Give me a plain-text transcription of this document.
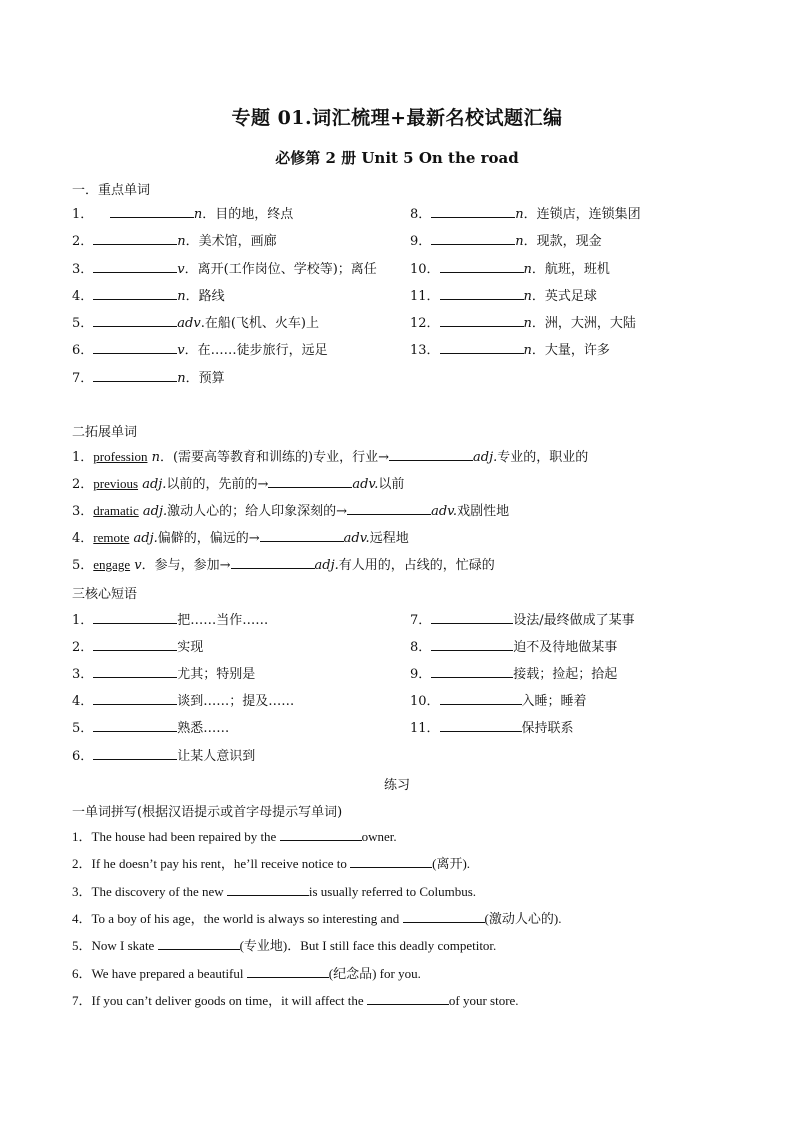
专题 01.词汇梳理+最新名校试题汇编
必修第 2 册 Unit 5 On the road
一．重点单词
1．	n．目的地，终点
2．	n．美术馆，画廊
3．	v．离开(工作岗位、学校等)；离任
4．	n．路线
5．	adv.在船(飞机、火车)上
6．	v．在……徒步旅行，远足
7．	n．预算
8．	n．连锁店，连锁集团
9．	n．现款，现金
10．	n．航班，班机
11．	n．英式足球
12．	n．洲，大洲，大陆
13．	n．大量，许多
二拓展单词
1．profession n．(需要高等教育和训练的)专业，行业→	adj.专业的，职业的
2．previous adj.以前的，先前的→	adv.以前
3．dramatic adj.激动人心的；给人印象深刻的→	adv.戏剧性地
4．remote adj.偏僻的，偏远的→	adv.远程地
5．engage v．参与，参加→	adj.有人用的，占线的，忙碌的
三核心短语
1．	把……当作……
2．	实现
3．	尤其；特别是
4．	谈到……；提及……
5．	熟悉……
6．	让某人意识到
7．	设法/最终做成了某事
8．	迫不及待地做某事
9．	接载；捡起；拾起
10．	入睡；睡着
11．	保持联系
练习
一单词拼写(根据汉语提示或首字母提示写单词)
1．The house had been repaired by the	owner.
2．If he doesn’t pay his rent，he’ll receive notice to	(离开).
3．The discovery of the new	is usually referred to Columbus.
4．To a boy of his age，the world is always so interesting and	(激动人心的).
5．Now I skate	(专业地)．But I still face this deadly competitor.
6．We have prepared a beautiful	(纪念品) for you.
7．If you can’t deliver goods on time，it will affect the	of your store.
